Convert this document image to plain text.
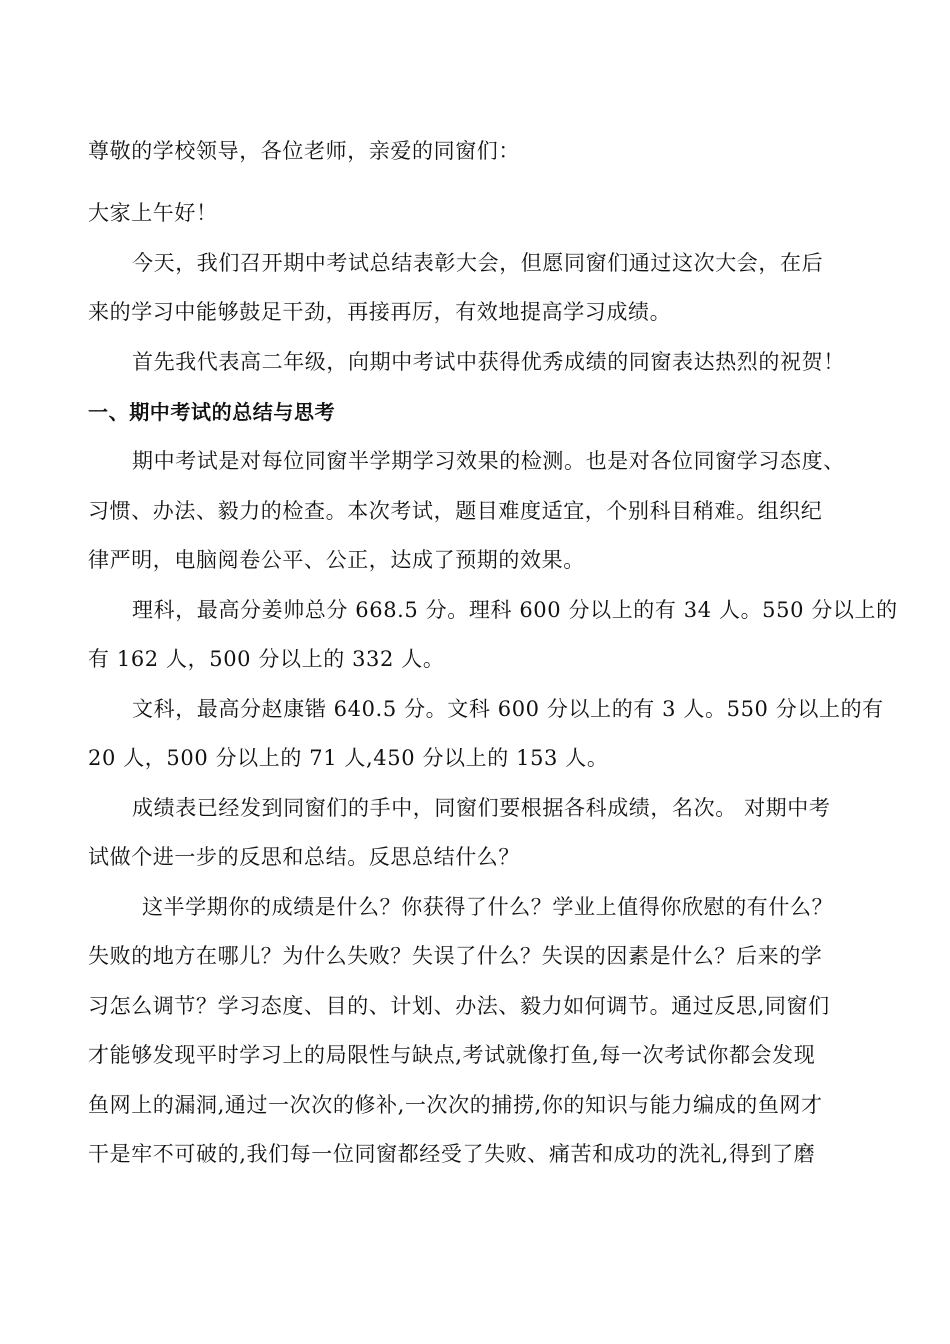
尊敬的学校领导，各位老师，亲爱的同窗们：
大家上午好！
今天，我们召开期中考试总结表彰大会，但愿同窗们通过这次大会，在后
来的学习中能够鼓足干劲，再接再厉，有效地提高学习成绩。
首先我代表高二年级，向期中考试中获得优秀成绩的同窗表达热烈的祝贺！
一、期中考试的总结与思考
期中考试是对每位同窗半学期学习效果的检测。也是对各位同窗学习态度、
习惯、办法、毅力的检查。本次考试，题目难度适宜，个别科目稍难。组织纪
律严明，电脑阅卷公平、公正，达成了预期的效果。
理科，最高分姜帅总分 668.5 分。理科 600 分以上的有 34 人。550 分以上的
有 162 人，500 分以上的 332 人。
文科，最高分赵康锴 640.5 分。文科 600 分以上的有 3 人。550 分以上的有
20 人，500 分以上的 71 人,450 分以上的 153 人。
成绩表已经发到同窗们的手中，同窗们要根据各科成绩，名次。 对期中考
试做个进一步的反思和总结。反思总结什么？
这半学期你的成绩是什么？你获得了什么？学业上值得你欣慰的有什么？
失败的地方在哪儿？为什么失败？失误了什么？失误的因素是什么？后来的学
习怎么调节？学习态度、目的、计划、办法、毅力如何调节。通过反思,同窗们
才能够发现平时学习上的局限性与缺点,考试就像打鱼,每一次考试你都会发现
鱼网上的漏洞,通过一次次的修补,一次次的捕捞,你的知识与能力编成的鱼网才
干是牢不可破的,我们每一位同窗都经受了失败、痛苦和成功的洗礼,得到了磨
